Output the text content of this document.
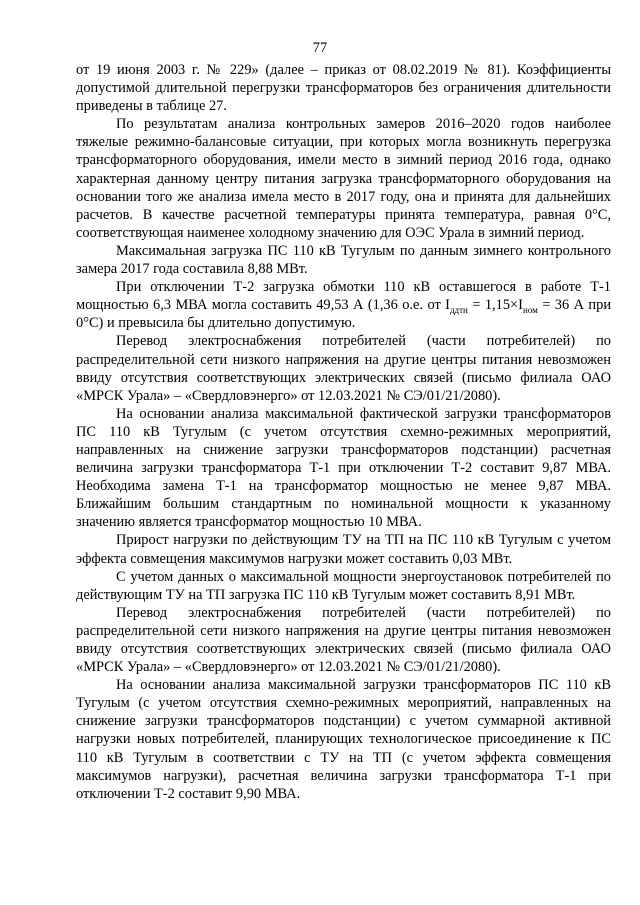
77

от 19 июня 2003 г. № 229» (далее – приказ от 08.02.2019 № 81). Коэффициенты допустимой длительной перегрузки трансформаторов без ограничения длительности приведены в таблице 27.

По результатам анализа контрольных замеров 2016–2020 годов наиболее тяжелые режимно-балансовые ситуации, при которых могла возникнуть перегрузка трансформаторного оборудования, имели место в зимний период 2016 года, однако характерная данному центру питания загрузка трансформаторного оборудования на основании того же анализа имела место в 2017 году, она и принята для дальнейших расчетов. В качестве расчетной температуры принята температура, равная 0°С, соответствующая наименее холодному значению для ОЭС Урала в зимний период.

Максимальная загрузка ПС 110 кВ Тугулым по данным зимнего контрольного замера 2017 года составила 8,88 МВт.

При отключении Т-2 загрузка обмотки 110 кВ оставшегося в работе Т-1 мощностью 6,3 МВА могла составить 49,53 А (1,36 о.е. от $I_{ддтн} = 1,15\times I_{ном} = 36$ А при 0°С) и превысила бы длительно допустимую.

Перевод электроснабжения потребителей (части потребителей) по распределительной сети низкого напряжения на другие центры питания невозможен ввиду отсутствия соответствующих электрических связей (письмо филиала ОАО «МРСК Урала» – «Свердловэнерго» от 12.03.2021 № СЭ/01/21/2080).

На основании анализа максимальной фактической загрузки трансформаторов ПС 110 кВ Тугулым (с учетом отсутствия схемно-режимных мероприятий, направленных на снижение загрузки трансформаторов подстанции) расчетная величина загрузки трансформатора Т-1 при отключении Т-2 составит 9,87 МВА. Необходима замена Т-1 на трансформатор мощностью не менее 9,87 МВА. Ближайшим большим стандартным по номинальной мощности к указанному значению является трансформатор мощностью 10 МВА.

Прирост нагрузки по действующим ТУ на ТП на ПС 110 кВ Тугулым с учетом эффекта совмещения максимумов нагрузки может составить 0,03 МВт.

С учетом данных о максимальной мощности энергоустановок потребителей по действующим ТУ на ТП загрузка ПС 110 кВ Тугулым может составить 8,91 МВт.

Перевод электроснабжения потребителей (части потребителей) по распределительной сети низкого напряжения на другие центры питания невозможен ввиду отсутствия соответствующих электрических связей (письмо филиала ОАО «МРСК Урала» – «Свердловэнерго» от 12.03.2021 № СЭ/01/21/2080).

На основании анализа максимальной загрузки трансформаторов ПС 110 кВ Тугулым (с учетом отсутствия схемно-режимных мероприятий, направленных на снижение загрузки трансформаторов подстанции) с учетом суммарной активной нагрузки новых потребителей, планирующих технологическое присоединение к ПС 110 кВ Тугулым в соответствии с ТУ на ТП (с учетом эффекта совмещения максимумов нагрузки), расчетная величина загрузки трансформатора Т-1 при отключении Т-2 составит 9,90 МВА.
